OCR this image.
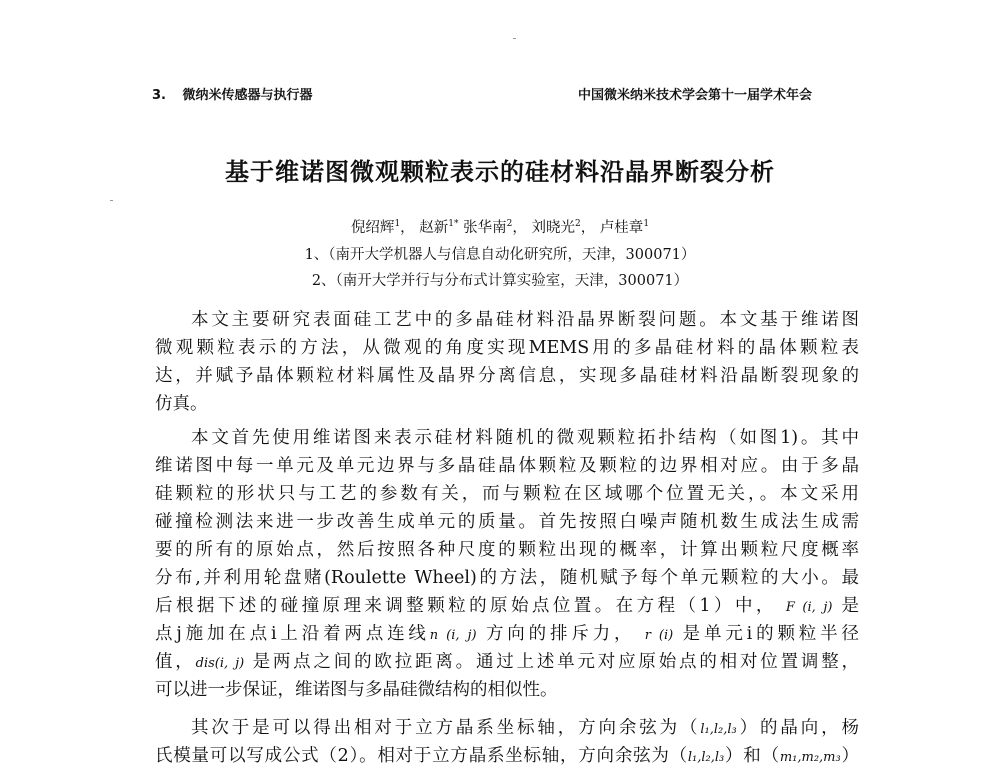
3. 微纳米传感器与执行器	中国微米纳米技术学会第十一届学术年会
基于维诺图微观颗粒表示的硅材料沿晶界断裂分析
倪绍辉$^1$， 赵新$^{1*}$ 张华南$^2$， 刘晓光$^2$， 卢桂章$^1$
1、（南开大学机器人与信息自动化研究所，天津，300071）
2、（南开大学并行与分布式计算实验室，天津，300071）
本文主要研究表面硅工艺中的多晶硅材料沿晶界断裂问题。本文基于维诺图
微观颗粒表示的方法，从微观的角度实现MEMS用的多晶硅材料的晶体颗粒表
达，并赋予晶体颗粒材料属性及晶界分离信息，实现多晶硅材料沿晶断裂现象的
仿真。
本文首先使用维诺图来表示硅材料随机的微观颗粒拓扑结构（如图1)。其中
维诺图中每一单元及单元边界与多晶硅晶体颗粒及颗粒的边界相对应。由于多晶
硅颗粒的形状只与工艺的参数有关，而与颗粒在区域哪个位置无关，。本文采用
碰撞检测法来进一步改善生成单元的质量。首先按照白噪声随机数生成法生成需
要的所有的原始点，然后按照各种尺度的颗粒出现的概率，计算出颗粒尺度概率
分布,并利用轮盘赌(Roulette Wheel)的方法，随机赋予每个单元颗粒的大小。最
后根据下述的碰撞原理来调整颗粒的原始点位置。在方程（1）中， F (i, j) 是
点j施加在点i上沿着两点连线n (i, j) 方向的排斥力， r (i) 是单元i的颗粒半径
值，dis(i, j) 是两点之间的欧拉距离。通过上述单元对应原始点的相对位置调整，
可以进一步保证，维诺图与多晶硅微结构的相似性。
其次于是可以得出相对于立方晶系坐标轴，方向余弦为（l₁,l₂,l₃）的晶向，杨
氏模量可以写成公式（2）。相对于立方晶系坐标轴，方向余弦为（l₁,l₂,l₃）和（m₁,m₂,m₃）
